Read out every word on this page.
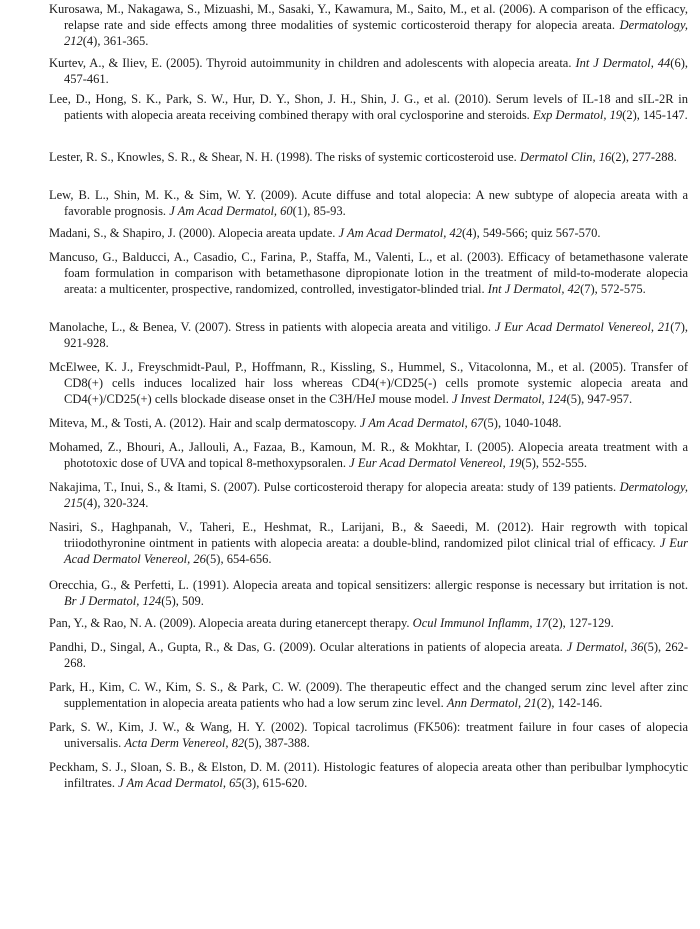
Kurosawa, M., Nakagawa, S., Mizuashi, M., Sasaki, Y., Kawamura, M., Saito, M., et al. (2006). A comparison of the efficacy, relapse rate and side effects among three modalities of systemic corticosteroid therapy for alopecia areata. Dermatology, 212(4), 361-365.
Kurtev, A., & Iliev, E. (2005). Thyroid autoimmunity in children and adolescents with alopecia areata. Int J Dermatol, 44(6), 457-461.
Lee, D., Hong, S. K., Park, S. W., Hur, D. Y., Shon, J. H., Shin, J. G., et al. (2010). Serum levels of IL-18 and sIL-2R in patients with alopecia areata receiving combined therapy with oral cyclosporine and steroids. Exp Dermatol, 19(2), 145-147.
Lester, R. S., Knowles, S. R., & Shear, N. H. (1998). The risks of systemic corticosteroid use. Dermatol Clin, 16(2), 277-288.
Lew, B. L., Shin, M. K., & Sim, W. Y. (2009). Acute diffuse and total alopecia: A new subtype of alopecia areata with a favorable prognosis. J Am Acad Dermatol, 60(1), 85-93.
Madani, S., & Shapiro, J. (2000). Alopecia areata update. J Am Acad Dermatol, 42(4), 549-566; quiz 567-570.
Mancuso, G., Balducci, A., Casadio, C., Farina, P., Staffa, M., Valenti, L., et al. (2003). Efficacy of betamethasone valerate foam formulation in comparison with betamethasone dipropionate lotion in the treatment of mild-to-moderate alopecia areata: a multicenter, prospective, randomized, controlled, investigator-blinded trial. Int J Dermatol, 42(7), 572-575.
Manolache, L., & Benea, V. (2007). Stress in patients with alopecia areata and vitiligo. J Eur Acad Dermatol Venereol, 21(7), 921-928.
McElwee, K. J., Freyschmidt-Paul, P., Hoffmann, R., Kissling, S., Hummel, S., Vitacolonna, M., et al. (2005). Transfer of CD8(+) cells induces localized hair loss whereas CD4(+)/CD25(-) cells promote systemic alopecia areata and CD4(+)/CD25(+) cells blockade disease onset in the C3H/HeJ mouse model. J Invest Dermatol, 124(5), 947-957.
Miteva, M., & Tosti, A. (2012). Hair and scalp dermatoscopy. J Am Acad Dermatol, 67(5), 1040-1048.
Mohamed, Z., Bhouri, A., Jallouli, A., Fazaa, B., Kamoun, M. R., & Mokhtar, I. (2005). Alopecia areata treatment with a phototoxic dose of UVA and topical 8-methoxypsoralen. J Eur Acad Dermatol Venereol, 19(5), 552-555.
Nakajima, T., Inui, S., & Itami, S. (2007). Pulse corticosteroid therapy for alopecia areata: study of 139 patients. Dermatology, 215(4), 320-324.
Nasiri, S., Haghpanah, V., Taheri, E., Heshmat, R., Larijani, B., & Saeedi, M. (2012). Hair regrowth with topical triiodothyronine ointment in patients with alopecia areata: a double-blind, randomized pilot clinical trial of efficacy. J Eur Acad Dermatol Venereol, 26(5), 654-656.
Orecchia, G., & Perfetti, L. (1991). Alopecia areata and topical sensitizers: allergic response is necessary but irritation is not. Br J Dermatol, 124(5), 509.
Pan, Y., & Rao, N. A. (2009). Alopecia areata during etanercept therapy. Ocul Immunol Inflamm, 17(2), 127-129.
Pandhi, D., Singal, A., Gupta, R., & Das, G. (2009). Ocular alterations in patients of alopecia areata. J Dermatol, 36(5), 262-268.
Park, H., Kim, C. W., Kim, S. S., & Park, C. W. (2009). The therapeutic effect and the changed serum zinc level after zinc supplementation in alopecia areata patients who had a low serum zinc level. Ann Dermatol, 21(2), 142-146.
Park, S. W., Kim, J. W., & Wang, H. Y. (2002). Topical tacrolimus (FK506): treatment failure in four cases of alopecia universalis. Acta Derm Venereol, 82(5), 387-388.
Peckham, S. J., Sloan, S. B., & Elston, D. M. (2011). Histologic features of alopecia areata other than peribulbar lymphocytic infiltrates. J Am Acad Dermatol, 65(3), 615-620.
